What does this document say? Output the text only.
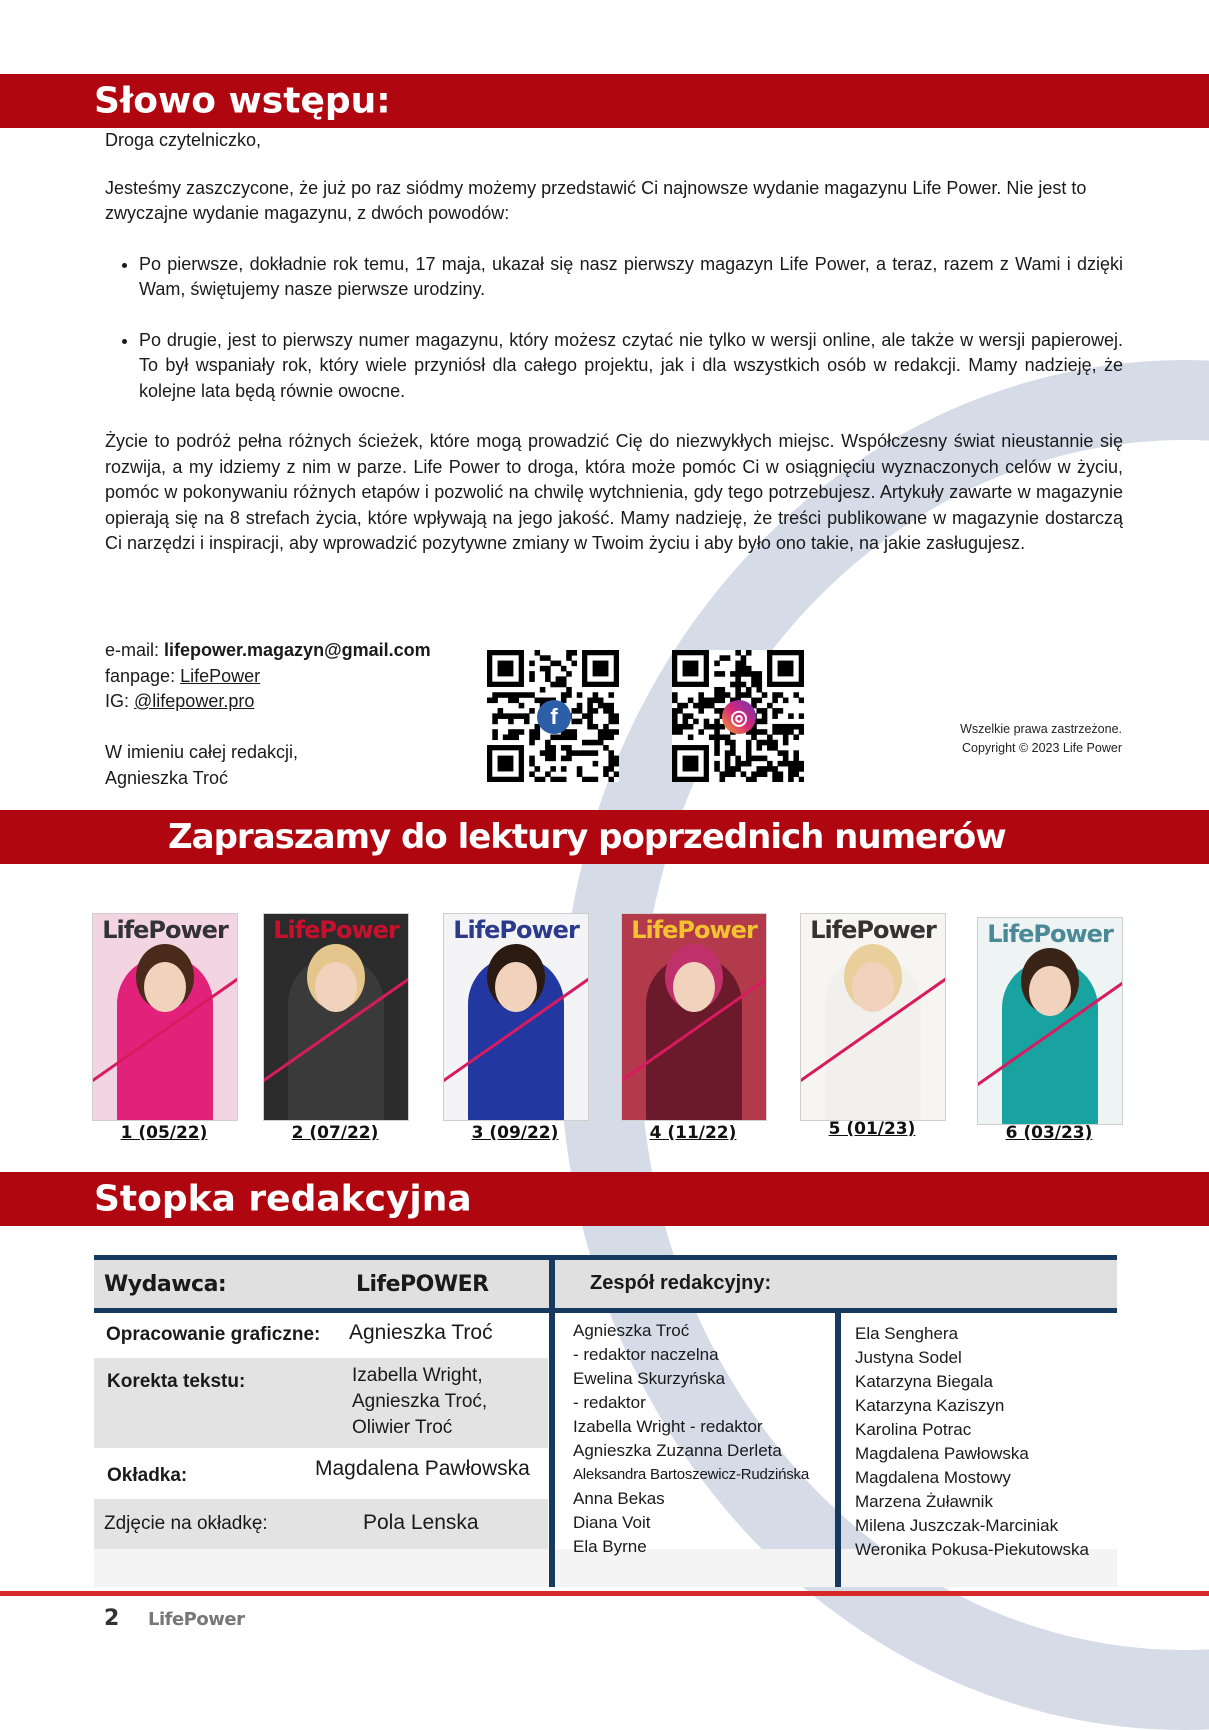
Słowo wstępu:

Droga czytelniczko,

Jesteśmy zaszczycone, że już po raz siódmy możemy przedstawić Ci najnowsze wydanie magazynu Life Power. Nie jest to zwyczajne wydanie magazynu, z dwóch powodów:

• Po pierwsze, dokładnie rok temu, 17 maja, ukazał się nasz pierwszy magazyn Life Power, a teraz, razem z Wami i dzięki Wam, świętujemy nasze pierwsze urodziny.
• Po drugie, jest to pierwszy numer magazynu, który możesz czytać nie tylko w wersji online, ale także w wersji papierowej. To był wspaniały rok, który wiele przyniósł dla całego projektu, jak i dla wszystkich osób w redakcji. Mamy nadzieję, że kolejne lata będą równie owocne.

Życie to podróż pełna różnych ścieżek, które mogą prowadzić Cię do niezwykłych miejsc. Współczesny świat nieustannie się rozwija, a my idziemy z nim w parze. Life Power to droga, która może pomóc Ci w osiągnięciu wyznaczonych celów w życiu, pomóc w pokonywaniu różnych etapów i pozwolić na chwilę wytchnienia, gdy tego potrzebujesz. Artykuły zawarte w magazynie opierają się na 8 strefach życia, które wpływają na jego jakość. Mamy nadzieję, że treści publikowane w magazynie dostarczą Ci narzędzi i inspiracji, aby wprowadzić pozytywne zmiany w Twoim życiu i aby było ono takie, na jakie zasługujesz.

e-mail: lifepower.magazyn@gmail.com
fanpage: LifePower
IG: @lifepower.pro
W imieniu całej redakcji,
Agnieszka Troć
f	◎
Wszelkie prawa zastrzeżone.
Copyright © 2023 Life Power
Zapraszamy do lektury poprzednich numerów
LifePower
1 (05/22)
LifePower
2 (07/22)
LifePower
3 (09/22)
LifePower
4 (11/22)
LifePower
5 (01/23)
LifePower
6 (03/23)
Stopka redakcyjna
Wydawca:	LifePOWER	Zespół redakcyjny:
Opracowanie graficzne: Agnieszka Troć
Korekta tekstu:	Izabella Wright,
Agnieszka Troć,
Oliwier Troć
Okładka:	Magdalena Pawłowska
Zdjęcie na okładkę:	Pola Lenska
Agnieszka Troć
- redaktor naczelna
Ewelina Skurzyńska
- redaktor
Izabella Wright - redaktor
Agnieszka Zuzanna Derleta
Aleksandra Bartoszewicz-Rudzińska
Anna Bekas
Diana Voit
Ela Byrne
Ela Senghera
Justyna Sodel
Katarzyna Biegala
Katarzyna Kaziszyn
Karolina Potrac
Magdalena Pawłowska
Magdalena Mostowy
Marzena Żuławnik
Milena Juszczak-Marciniak
Weronika Pokusa-Piekutowska
2 LifePower
